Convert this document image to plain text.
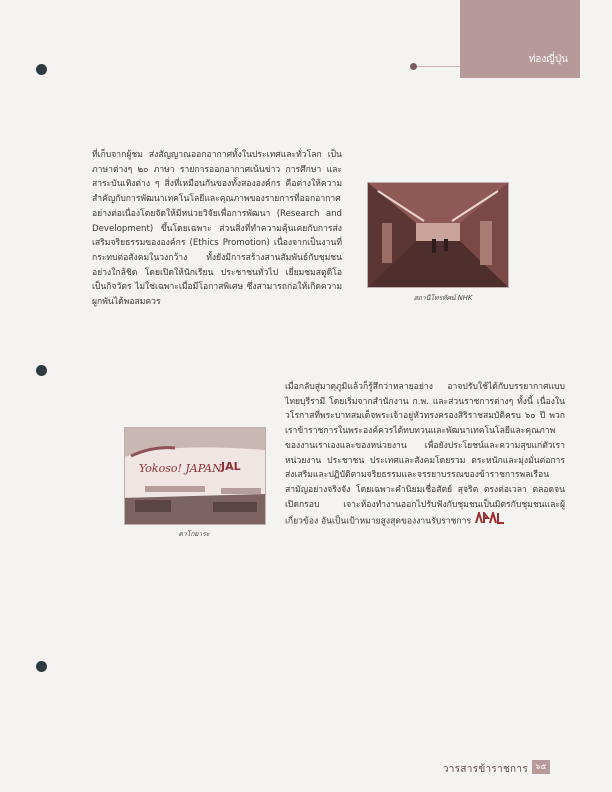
ท่องญี่ปุ่น

ที่เก็บจากผู้ชม ส่งสัญญาณออกอากาศทั้งในประเทศและทั่วโลก เป็นภาษาต่างๆ ๒๐ ภาษา รายการออกอากาศเน้นข่าว การศึกษา และสาระบันเทิงต่าง ๆ สิ่งที่เหมือนกันของทั้งสององค์กร คือต่างให้ความสำคัญกับการพัฒนาเทคโนโลยีและคุณภาพของรายการที่ออกอากาศอย่างต่อเนื่องโดยจัดให้มีหน่วยวิจัยเพื่อการพัฒนา (Research and Development) ขึ้นโดยเฉพาะ ส่วนสิ่งที่ทำความคุ้นเคยกับการส่งเสริมจริยธรรมขององค์กร (Ethics Promotion) เนื่องจากเป็นงานที่กระทบต่อสังคมในวงกว้าง ทั้งยังมีการสร้างสานสัมพันธ์กับชุมชนอย่างใกล้ชิด โดยเปิดให้นักเรียน ประชาชนทั่วไป เยี่ยมชมสตูดิโอเป็นกิจวัตร ไม่ใช่เฉพาะเมื่อมีโอกาสพิเศษ ซึ่งสามารถก่อให้เกิดความผูกพันได้พอสมควร	สถานีโทรทัศน์ NHK
Yokoso! JAPAN JAL
ตาโกยาระ

เมื่อกลับสู่มาตุภูมิแล้วก็รู้สึกว่าหลายอย่าง อาจปรับใช้ได้กับบรรยากาศแบบไทยบุรีรามี โดยเริ่มจากสำนักงาน ก.พ. และส่วนราชการต่างๆ ทั้งนี้ เนื่องในวโรกาสที่พระบาทสมเด็จพระเจ้าอยู่หัวทรงครองสิริราชสมบัติครบ ๖๐ ปี พวกเราข้าราชการในพระองค์ควรได้ทบทวนและพัฒนาเทคโนโลยีและคุณภาพของงานเราเองและของหน่วยงาน เพื่อยังประโยชน์และความสุขแก่ตัวเรา หน่วยงาน ประชาชน ประเทศและสังคมโดยรวม ตระหนักและมุ่งมั่นต่อการส่งเสริมและปฏิบัติตามจริยธรรมและจรรยาบรรณของข้าราชการพลเรือนสามัญอย่างจริงจัง โดยเฉพาะคำนิยมเชื่อสัตย์ สุจริต ตรงต่อเวลา ตลอดจนเปิดกรอบ เจาะห้องทำงานออกไปรับฟังกับชุมชนเป็นมิตรกับชุมชนและผู้เกี่ยวข้อง อันเป็นเป้าหมายสูงสุดของงานรับราชการ

วารสารข้าราชการ ๖๕
